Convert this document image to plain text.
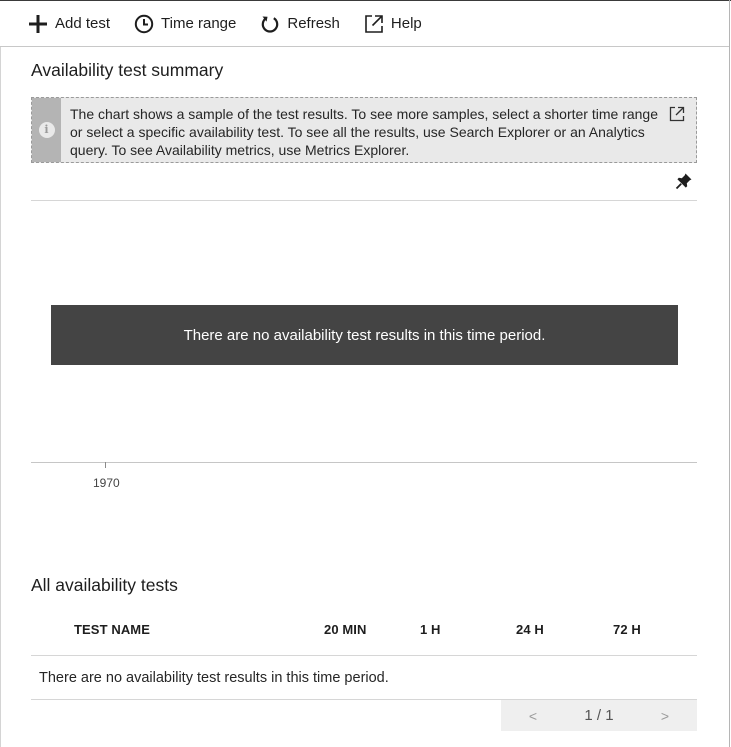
Add test	Time range	Refresh	Help
Availability test summary
i
The chart shows a sample of the test results. To see more samples, select a shorter time range or select a specific availability test. To see all the results, use Search Explorer or an Analytics query. To see Availability metrics, use Metrics Explorer.
There are no availability test results in this time period.
1970
All availability tests
TEST NAME	20 MIN	1 H	24 H	72 H
There are no availability test results in this time period.
<	1 / 1	>
